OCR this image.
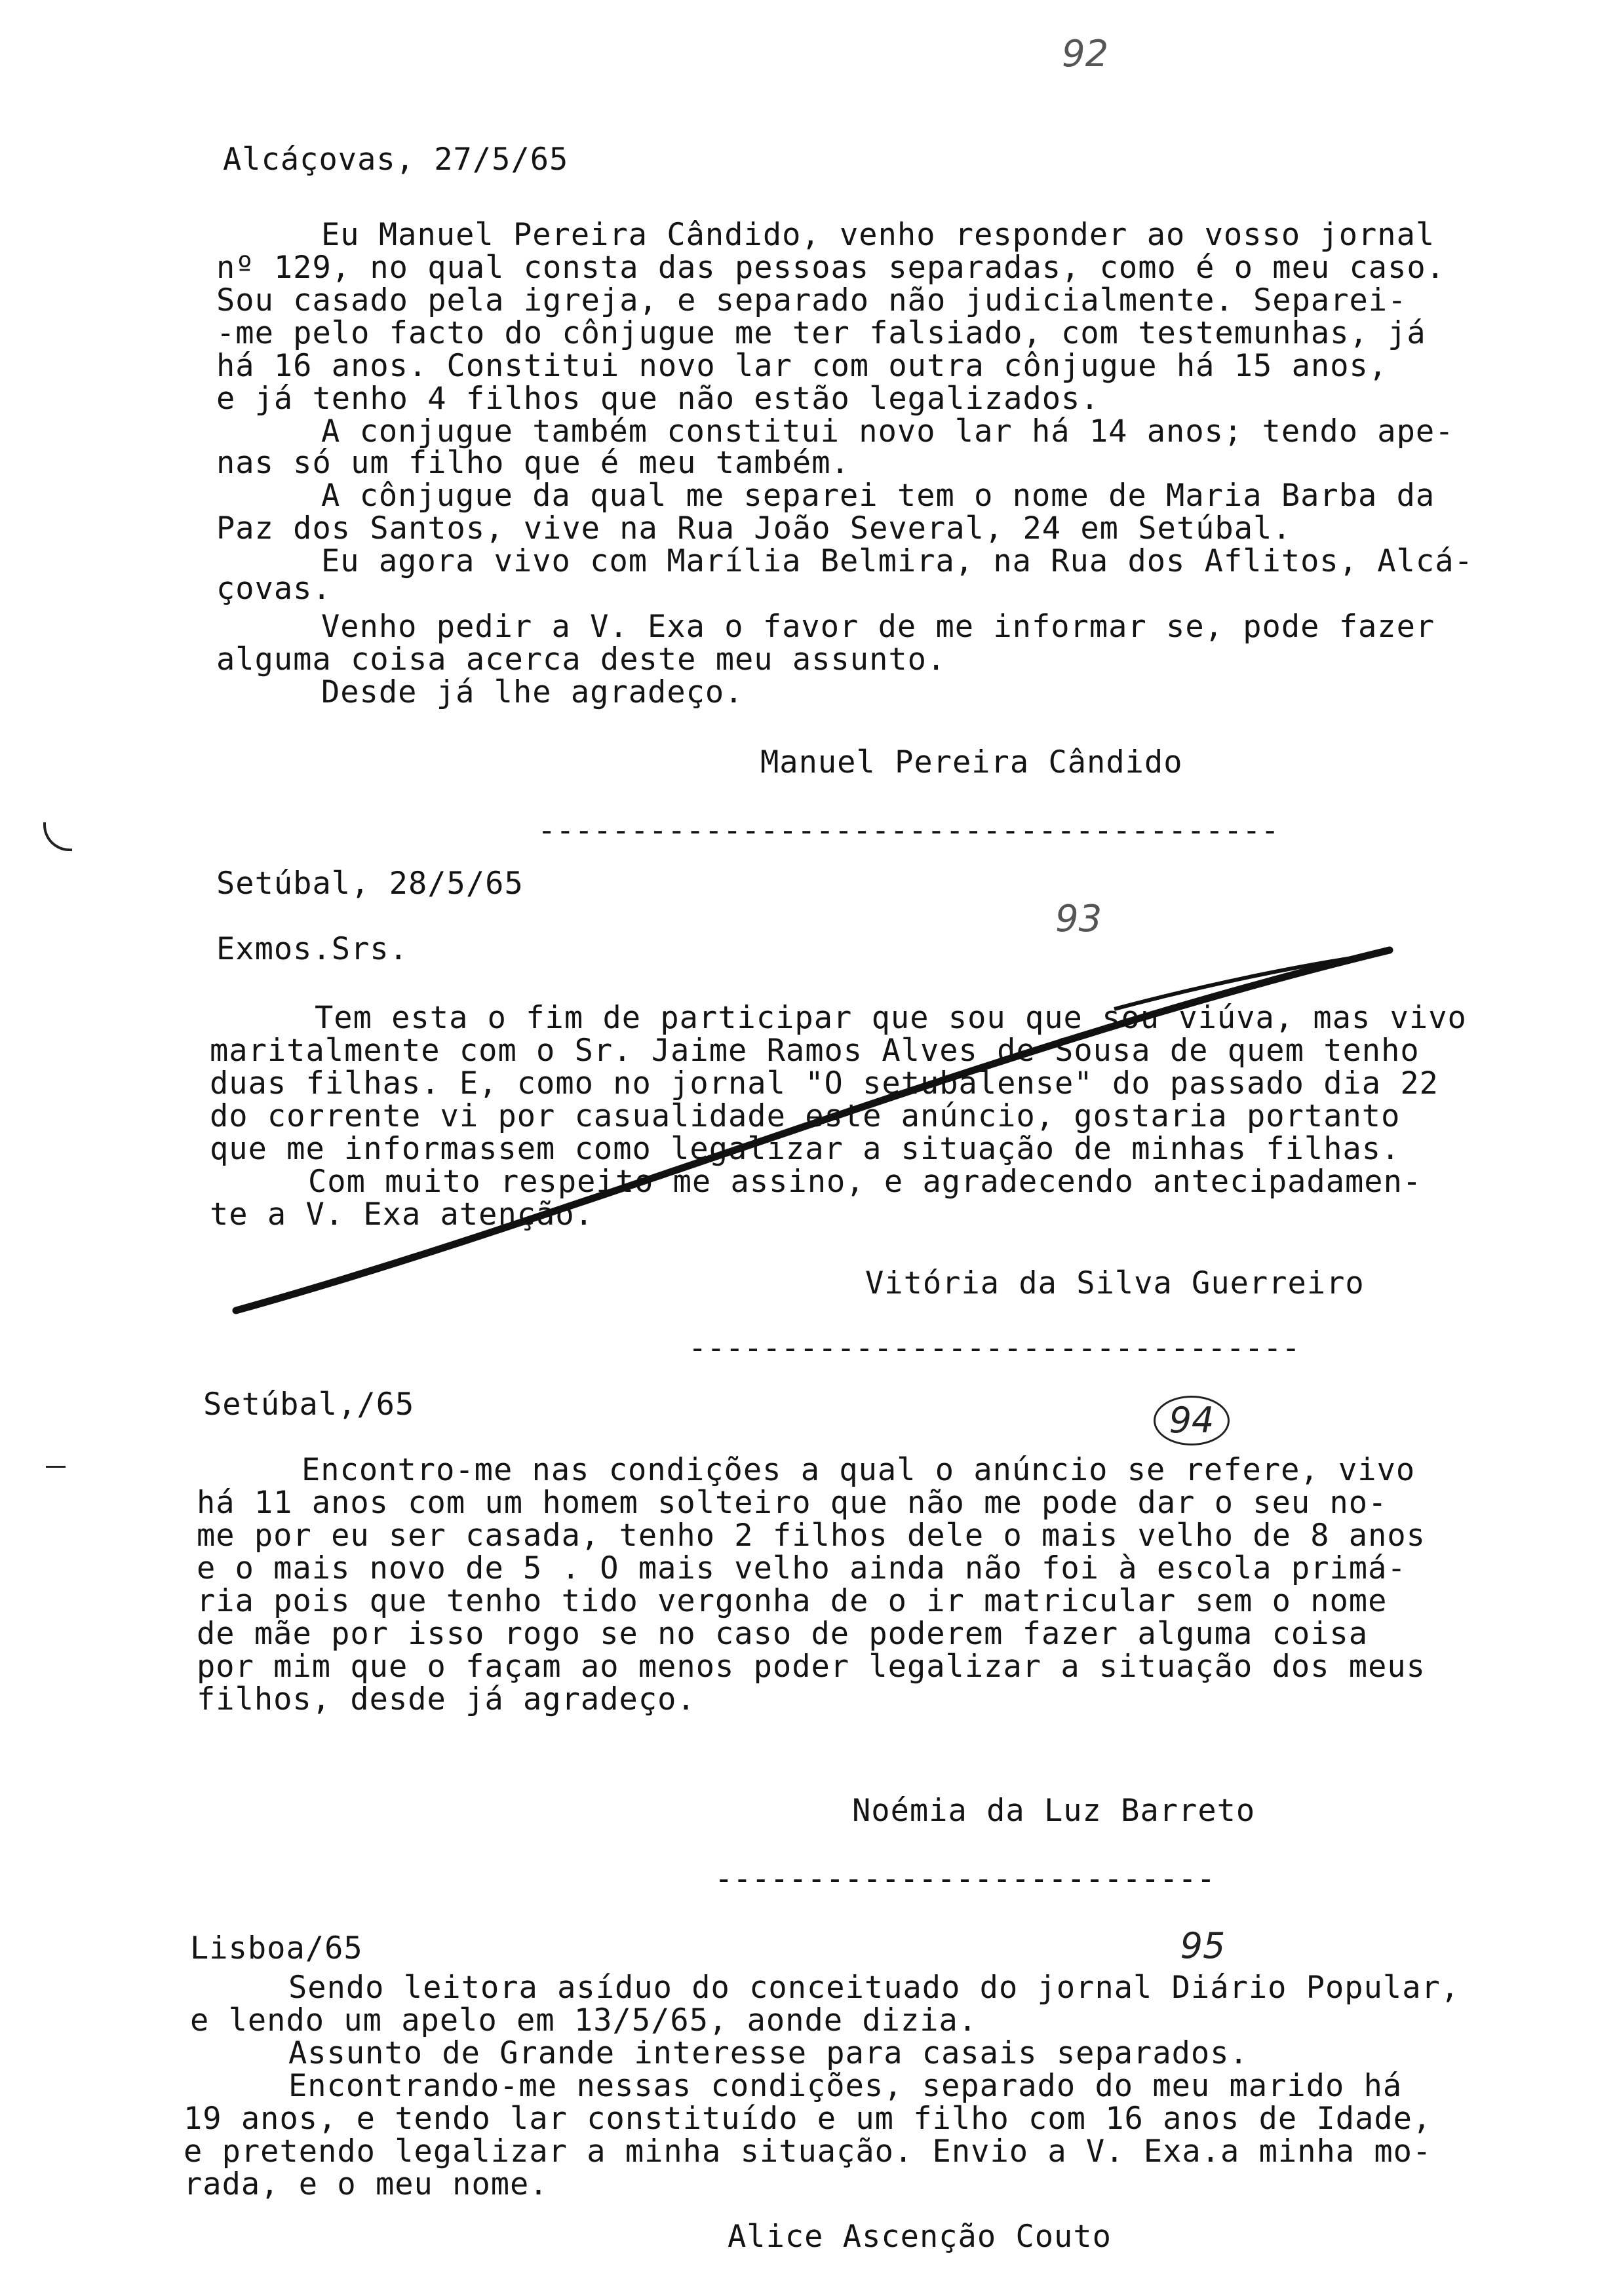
92
Alcáçovas, 27/5/65
Eu Manuel Pereira Cândido, venho responder ao vosso jornal
nº 129, no qual consta das pessoas separadas, como é o meu caso.
Sou casado pela igreja, e separado não judicialmente. Separei-
-me pelo facto do cônjugue me ter falsiado, com testemunhas, já
há 16 anos. Constitui novo lar com outra cônjugue há 15 anos,
e já tenho 4 filhos que não estão legalizados.
A conjugue também constitui novo lar há 14 anos; tendo ape-
nas só um filho que é meu também.
A cônjugue da qual me separei tem o nome de Maria Barba da
Paz dos Santos, vive na Rua João Several, 24 em Setúbal.
Eu agora vivo com Marília Belmira, na Rua dos Aflitos, Alcá-
çovas.
Venho pedir a V. Exa o favor de me informar se, pode fazer
alguma coisa acerca deste meu assunto.
Desde já lhe agradeço.
Manuel Pereira Cândido
----------------------------------------
Setúbal, 28/5/65
93
Exmos.Srs.
Tem esta o fim de participar que sou que sou viúva, mas vivo
maritalmente com o Sr. Jaime Ramos Alves de Sousa de quem tenho
duas filhas. E, como no jornal "O setubalense" do passado dia 22
do corrente vi por casualidade este anúncio, gostaria portanto
que me informassem como legalizar a situação de minhas filhas.
Com muito respeito me assino, e agradecendo antecipadamen-
te a V. Exa atenção.
Vitória da Silva Guerreiro
---------------------------------
Setúbal,/65	94
Encontro-me nas condições a qual o anúncio se refere, vivo
há 11 anos com um homem solteiro que não me pode dar o seu no-
me por eu ser casada, tenho 2 filhos dele o mais velho de 8 anos
e o mais novo de 5 . O mais velho ainda não foi à escola primá-
ria pois que tenho tido vergonha de o ir matricular sem o nome
de mãe por isso rogo se no caso de poderem fazer alguma coisa
por mim que o façam ao menos poder legalizar a situação dos meus
filhos, desde já agradeço.
Noémia da Luz Barreto
---------------------------
Lisboa/65	95
Sendo leitora asíduo do conceituado do jornal Diário Popular,
e lendo um apelo em 13/5/65, aonde dizia.
Assunto de Grande interesse para casais separados.
Encontrando-me nessas condições, separado do meu marido há
19 anos, e tendo lar constituído e um filho com 16 anos de Idade,
e pretendo legalizar a minha situação. Envio a V. Exa.a minha mo-
rada, e o meu nome.
Alice Ascenção Couto
